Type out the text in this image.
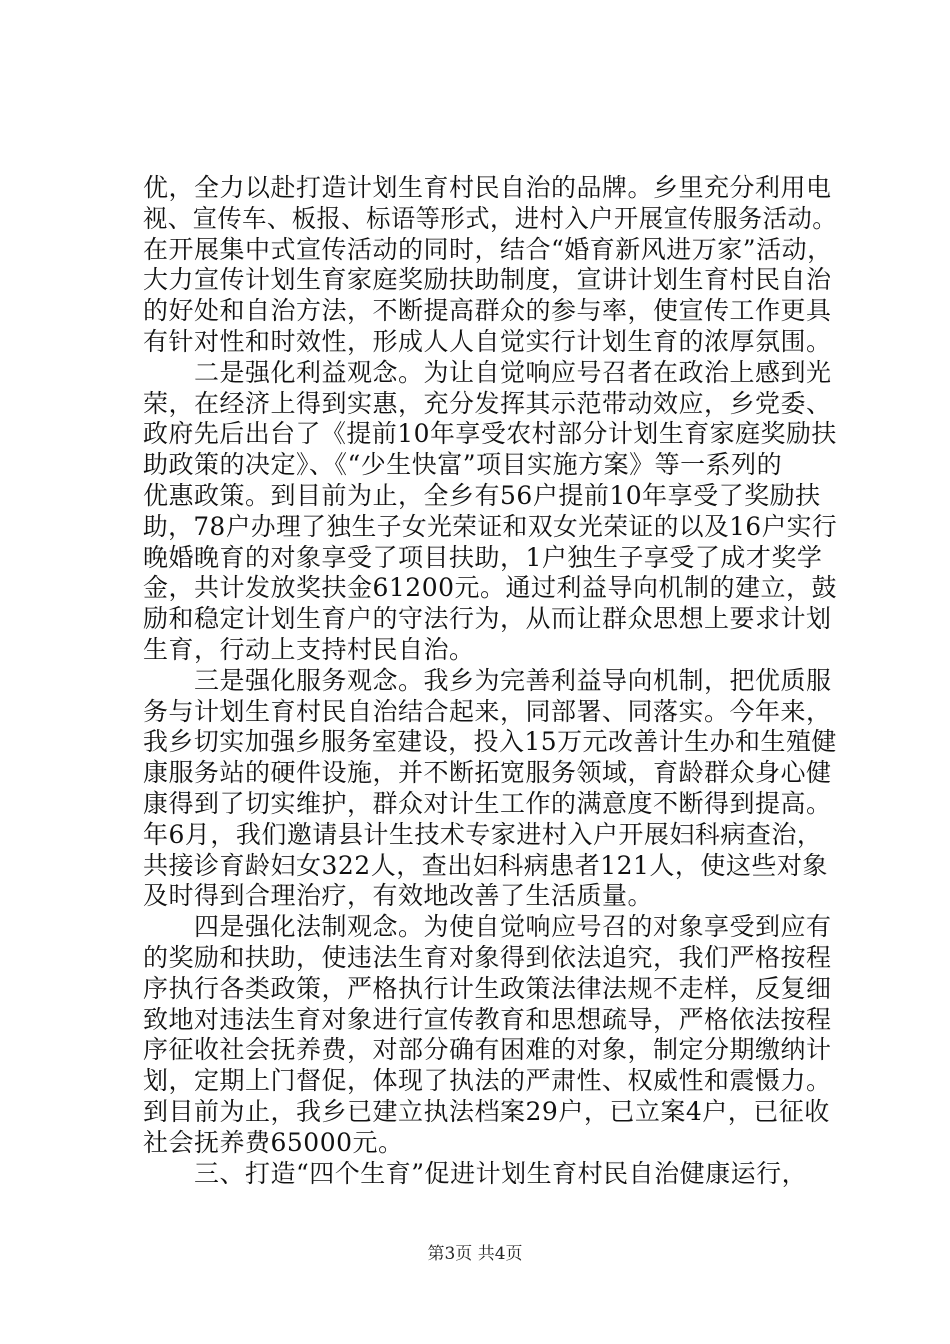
优，全力以赴打造计划生育村民自治的品牌。乡里充分利用电
视、宣传车、板报、标语等形式，进村入户开展宣传服务活动。
在开展集中式宣传活动的同时，结合“婚育新风进万家”活动，
大力宣传计划生育家庭奖励扶助制度，宣讲计划生育村民自治
的好处和自治方法，不断提高群众的参与率，使宣传工作更具
有针对性和时效性，形成人人自觉实行计划生育的浓厚氛围。
　　二是强化利益观念。为让自觉响应号召者在政治上感到光
荣，在经济上得到实惠，充分发挥其示范带动效应，乡党委、
政府先后出台了《提前10年享受农村部分计划生育家庭奖励扶
助政策的决定》、《“少生快富”项目实施方案》等一系列的
优惠政策。到目前为止，全乡有56户提前10年享受了奖励扶
助，78户办理了独生子女光荣证和双女光荣证的以及16户实行
晚婚晚育的对象享受了项目扶助，1户独生子享受了成才奖学
金，共计发放奖扶金61200元。通过利益导向机制的建立，鼓
励和稳定计划生育户的守法行为，从而让群众思想上要求计划
生育，行动上支持村民自治。
　　三是强化服务观念。我乡为完善利益导向机制，把优质服
务与计划生育村民自治结合起来，同部署、同落实。今年来，
我乡切实加强乡服务室建设，投入15万元改善计生办和生殖健
康服务站的硬件设施，并不断拓宽服务领域，育龄群众身心健
康得到了切实维护，群众对计生工作的满意度不断得到提高。
年6月，我们邀请县计生技术专家进村入户开展妇科病查治，
共接诊育龄妇女322人，查出妇科病患者121人，使这些对象
及时得到合理治疗，有效地改善了生活质量。
　　四是强化法制观念。为使自觉响应号召的对象享受到应有
的奖励和扶助，使违法生育对象得到依法追究，我们严格按程
序执行各类政策，严格执行计生政策法律法规不走样，反复细
致地对违法生育对象进行宣传教育和思想疏导，严格依法按程
序征收社会抚养费，对部分确有困难的对象，制定分期缴纳计
划，定期上门督促，体现了执法的严肃性、权威性和震慑力。
到目前为止，我乡已建立执法档案29户，已立案4户，已征收
社会抚养费65000元。
　　三、打造“四个生育”促进计划生育村民自治健康运行，
第3页 共4页
